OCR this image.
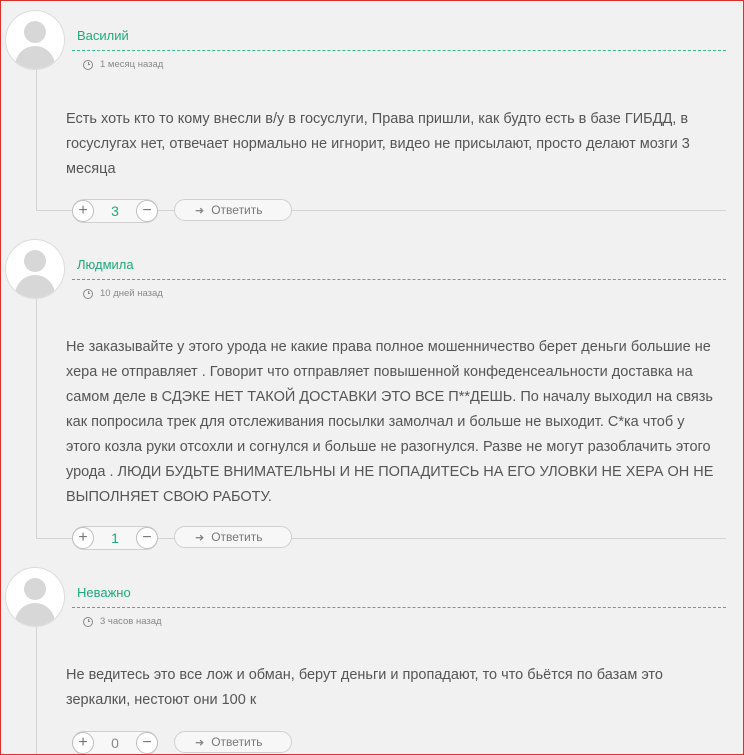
Василий
1 месяц назад
Есть хоть кто то кому внесли в/у в госуслуги, Права пришли, как будто есть в базе ГИБДД, в госуслугах нет, отвечает нормально не игнорит, видео не присылают, просто делают мозги 3 месяца
+	3	−	➜ Ответить
Людмила
10 дней назад
Не заказывайте у этого урода не какие права полное мошенничество берет деньги большие не хера не отправляет . Говорит что отправляет повышенной конфеденсеальности доставка на самом деле в СДЭКЕ НЕТ ТАКОЙ ДОСТАВКИ ЭТО ВСЕ П**ДЕШЬ. По началу выходил на связь как попросила трек для отслеживания посылки замолчал и больше не выходит. С*ка чтоб у этого козла руки отсохли и согнулся и больше не разогнулся. Разве не могут разоблачить этого урода . ЛЮДИ БУДЬТЕ ВНИМАТЕЛЬНЫ И НЕ ПОПАДИТЕСЬ НА ЕГО УЛОВКИ НЕ ХЕРА ОН НЕ ВЫПОЛНЯЕТ СВОЮ РАБОТУ.
+	1	−	➜ Ответить
Неважно
3 часов назад
Не ведитесь это все лож и обман, берут деньги и пропадают, то что бьётся по базам это зеркалки, нестоют они 100 к
+	0	−	➜ Ответить
